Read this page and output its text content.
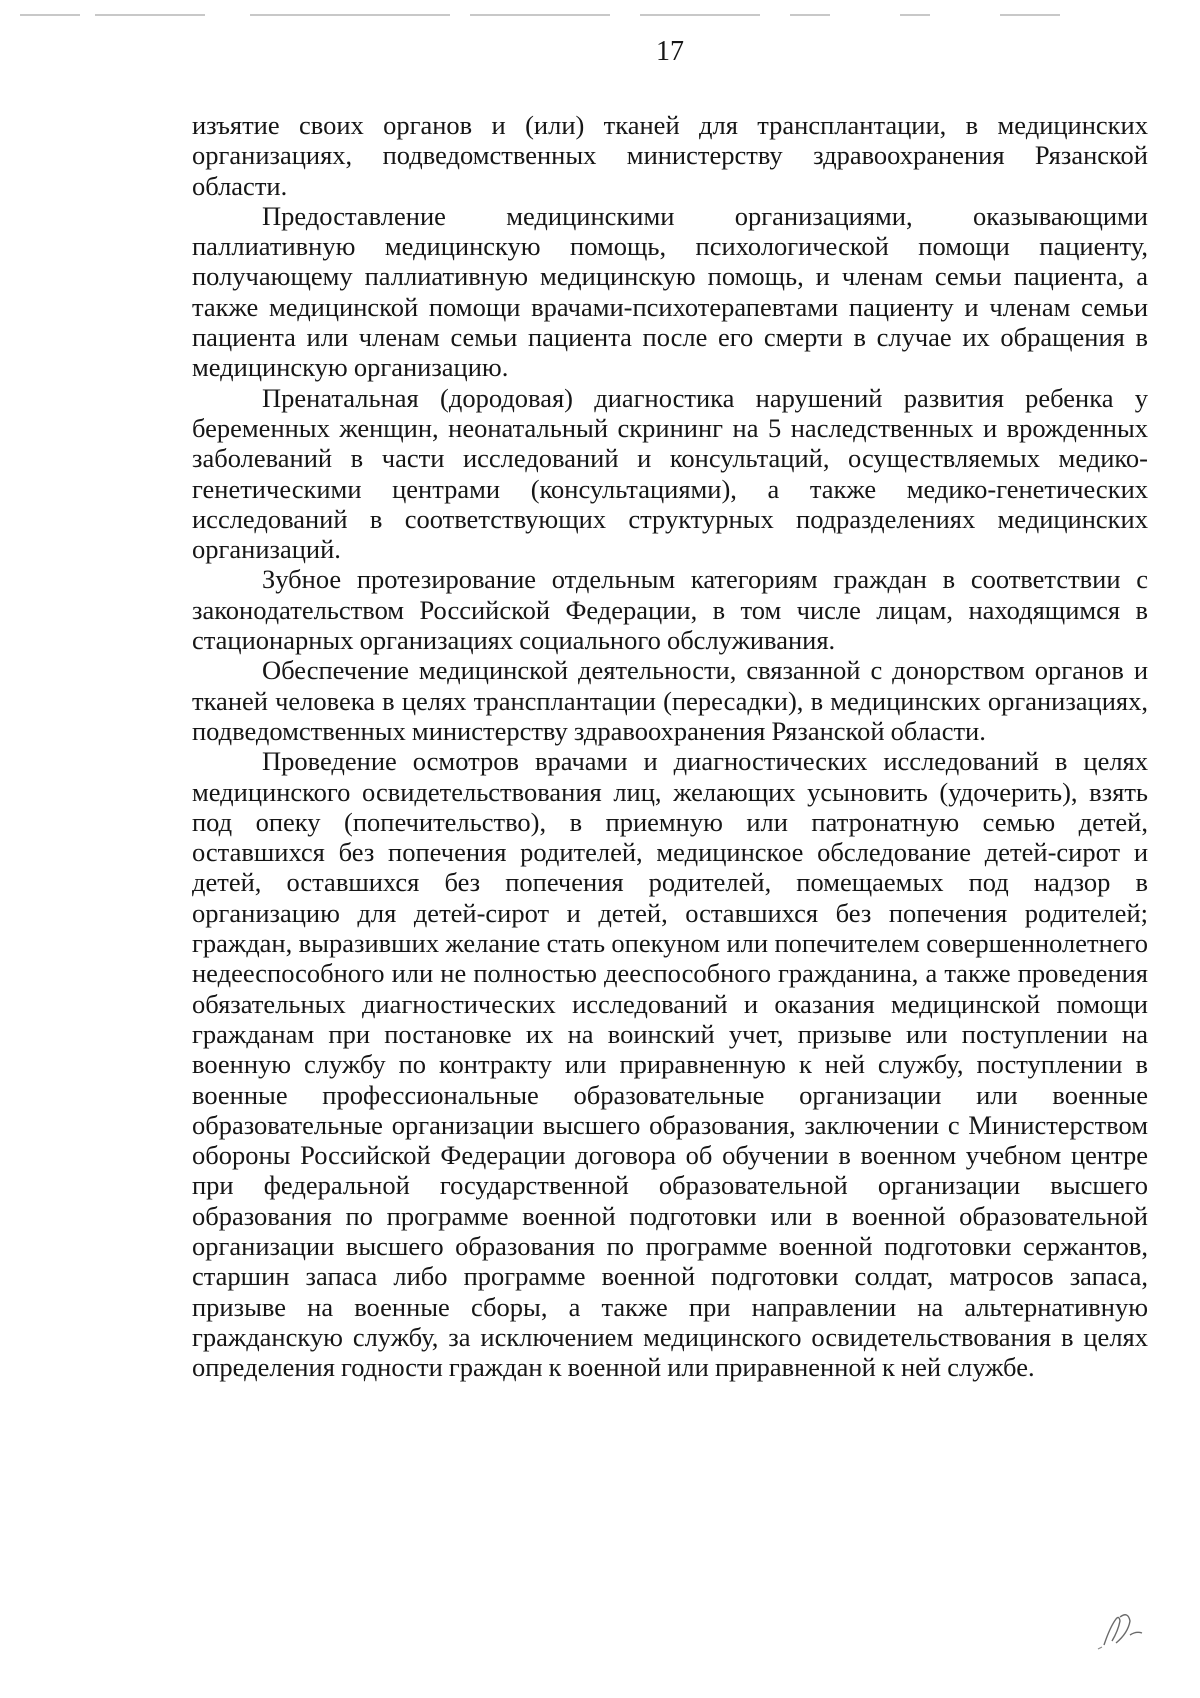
17

изъятие своих органов и (или) тканей для трансплантации, в медицинских организациях, подведомственных министерству здравоохранения Рязанской области.

Предоставление медицинскими организациями, оказывающими паллиативную медицинскую помощь, психологической помощи пациенту, получающему паллиативную медицинскую помощь, и членам семьи пациента, а также медицинской помощи врачами-психотерапевтами пациенту и членам семьи пациента или членам семьи пациента после его смерти в случае их обращения в медицинскую организацию.

Пренатальная (дородовая) диагностика нарушений развития ребенка у беременных женщин, неонатальный скрининг на 5 наследственных и врожденных заболеваний в части исследований и консультаций, осуществляемых медико-генетическими центрами (консультациями), а также медико-генетических исследований в соответствующих структурных подразделениях медицинских организаций.

Зубное протезирование отдельным категориям граждан в соответствии с законодательством Российской Федерации, в том числе лицам, находящимся в стационарных организациях социального обслуживания.

Обеспечение медицинской деятельности, связанной с донорством органов и тканей человека в целях трансплантации (пересадки), в медицинских организациях, подведомственных министерству здравоохранения Рязанской области.

Проведение осмотров врачами и диагностических исследований в целях медицинского освидетельствования лиц, желающих усыновить (удочерить), взять под опеку (попечительство), в приемную или патронатную семью детей, оставшихся без попечения родителей, медицинское обследование детей-сирот и детей, оставшихся без попечения родителей, помещаемых под надзор в организацию для детей-сирот и детей, оставшихся без попечения родителей; граждан, выразивших желание стать опекуном или попечителем совершеннолетнего недееспособного или не полностью дееспособного гражданина, а также проведения обязательных диагностических исследований и оказания медицинской помощи гражданам при постановке их на воинский учет, призыве или поступлении на военную службу по контракту или приравненную к ней службу, поступлении в военные профессиональные образовательные организации или военные образовательные организации высшего образования, заключении с Министерством обороны Российской Федерации договора об обучении в военном учебном центре при федеральной государственной образовательной организации высшего образования по программе военной подготовки или в военной образовательной организации высшего образования по программе военной подготовки сержантов, старшин запаса либо программе военной подготовки солдат, матросов запаса, призыве на военные сборы, а также при направлении на альтернативную гражданскую службу, за исключением медицинского освидетельствования в целях определения годности граждан к военной или приравненной к ней службе.
